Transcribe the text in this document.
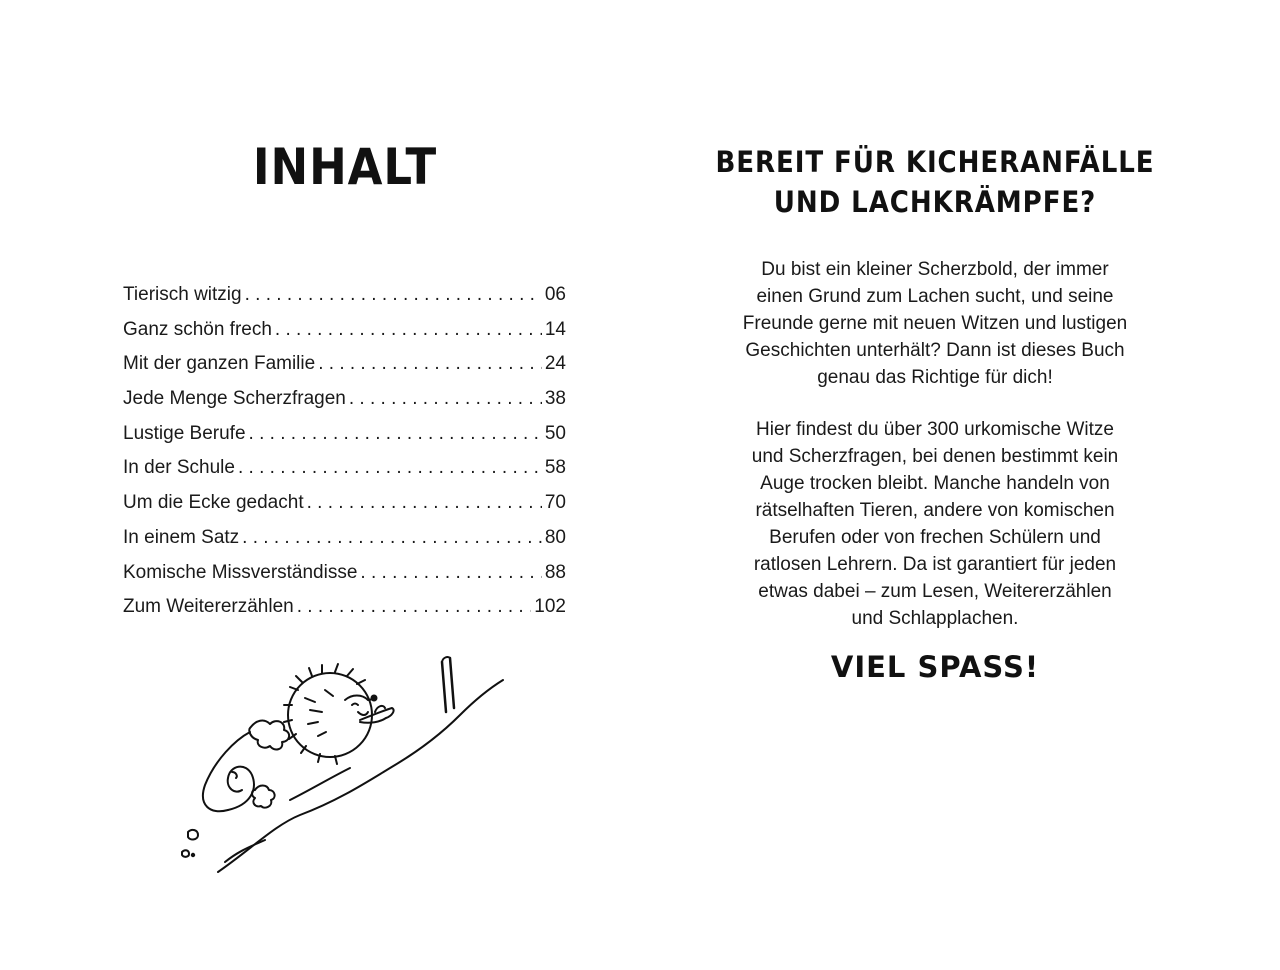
INHALT
Tierisch witzig . . .	06
Ganz schön frech . . .	14
Mit der ganzen Familie . . .	24
Jede Menge Scherzfragen . . .	38
Lustige Berufe . . .	50
In der Schule . . .	58
Um die Ecke gedacht . . .	70
In einem Satz . . .	80
Komische Missverständisse . . .	88
Zum Weitererzählen . . .	102
BEREIT FÜR KICHERANFÄLLE
UND LACHKRÄMPFE?

Du bist ein kleiner Scherzbold, der immer
einen Grund zum Lachen sucht, und seine
Freunde gerne mit neuen Witzen und lustigen
Geschichten unterhält? Dann ist dieses Buch
genau das Richtige für dich!

Hier findest du über 300 urkomische Witze
und Scherzfragen, bei denen bestimmt kein
Auge trocken bleibt. Manche handeln von
rätselhaften Tieren, andere von komischen
Berufen oder von frechen Schülern und
ratlosen Lehrern. Da ist garantiert für jeden
etwas dabei – zum Lesen, Weitererzählen
und Schlapplachen.

VIEL SPASS!
